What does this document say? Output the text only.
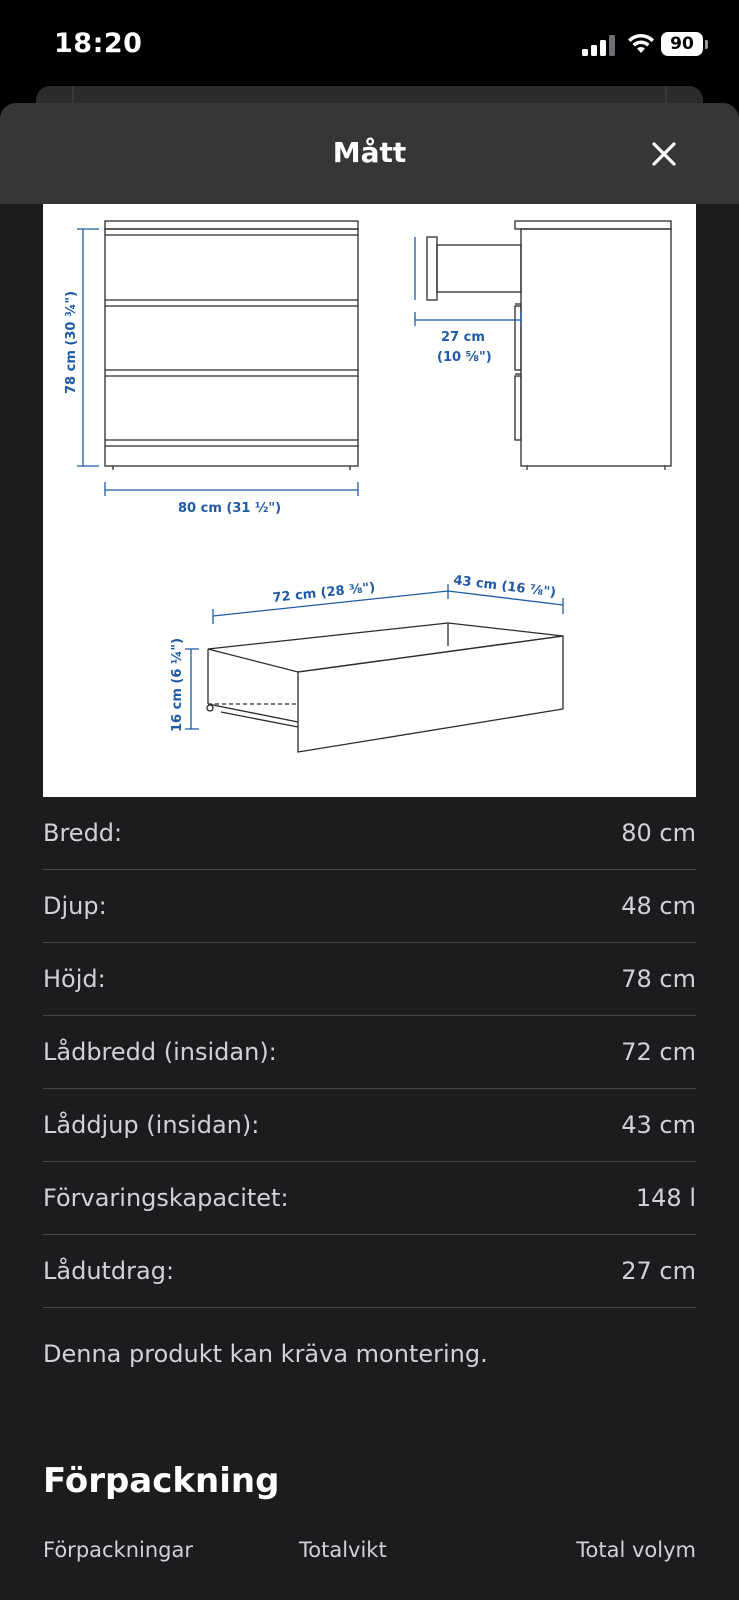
18:20	90
Mått
78 cm (30 ¾")
80 cm (31 ½")
27 cm
(10 ⅝")
72 cm (28 ⅜")	43 cm (16 ⅞")
16 cm (6 ¼")
Bredd:	80 cm
Djup:	48 cm
Höjd:	78 cm
Lådbredd (insidan):	72 cm
Låddjup (insidan):	43 cm
Förvaringskapacitet:	148 l
Lådutdrag:	27 cm
Denna produkt kan kräva montering.
Förpackning
Förpackningar	Totalvikt	Total volym
